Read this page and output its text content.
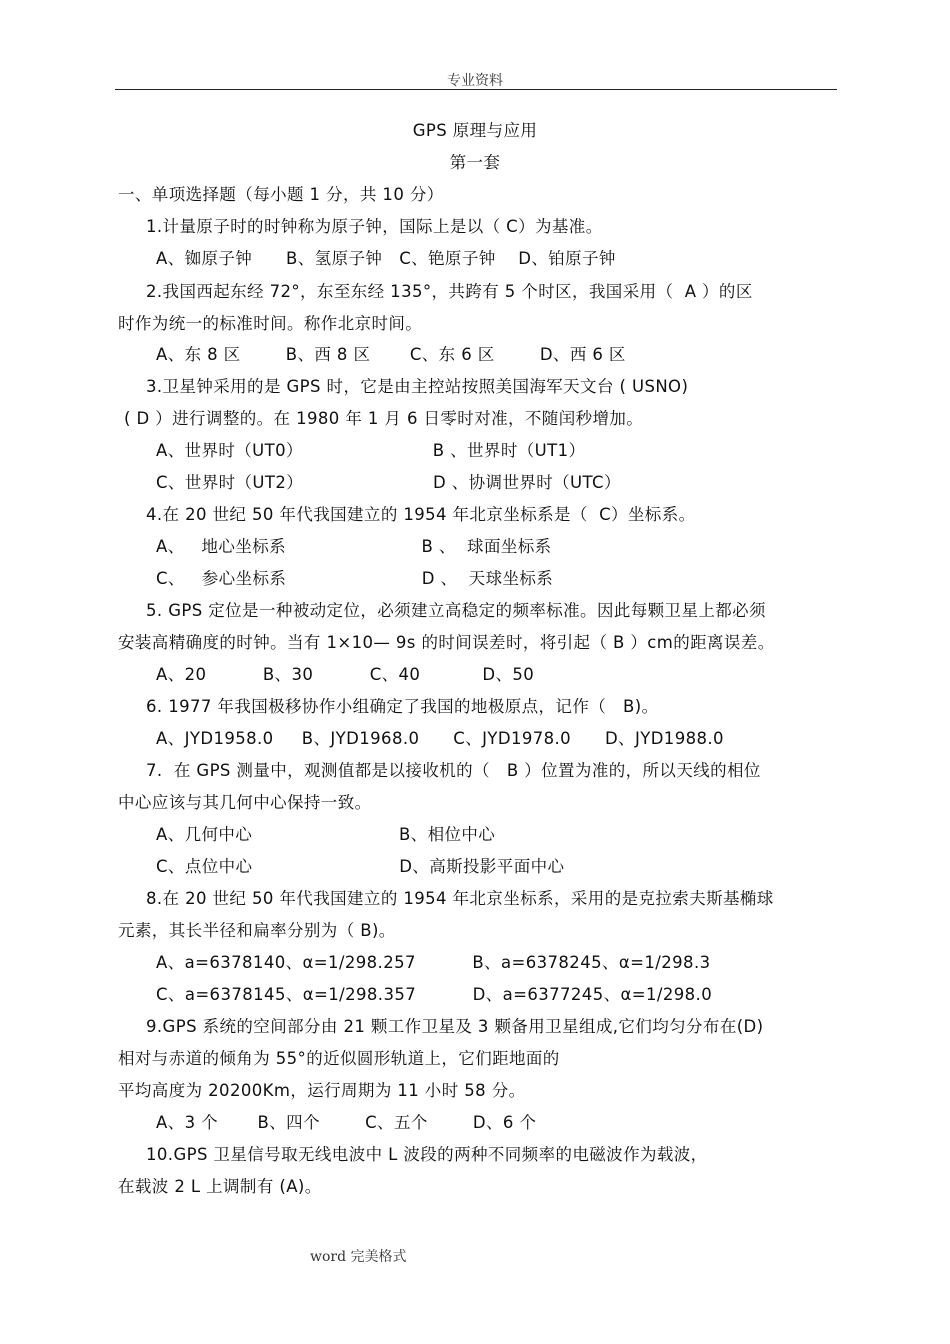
专业资料
GPS 原理与应用
第一套
一、单项选择题（每小题 1 分，共 10 分）
1.计量原子时的时钟称为原子钟，国际上是以（ C）为基准。
A、铷原子钟      B、氢原子钟   C、铯原子钟    D、铂原子钟
2.我国西起东经 72°，东至东经 135°，共跨有 5 个时区，我国采用（  A ）的区
时作为统一的标准时间。称作北京时间。
A、东 8 区        B、西 8 区       C、东 6 区        D、西 6 区
3.卫星钟采用的是 GPS 时，它是由主控站按照美国海军天文台 ( USNO)
( D ）进行调整的。在 1980 年 1 月 6 日零时对准，不随闰秒增加。
A、世界时（UT0）                       B 、世界时（UT1）
C、世界时（UT2）                       D 、协调世界时（UTC）
4.在 20 世纪 50 年代我国建立的 1954 年北京坐标系是（  C）坐标系。
A、   地心坐标系                        B 、  球面坐标系
C、   参心坐标系                        D 、  天球坐标系
5. GPS 定位是一种被动定位，必须建立高稳定的频率标准。因此每颗卫星上都必须
安装高精确度的时钟。当有 1×10— 9s 的时间误差时，将引起（ B ）cm的距离误差。
A、20          B、30          C、40           D、50
6. 1977 年我国极移协作小组确定了我国的地极原点，记作（   B)。
A、JYD1958.0     B、JYD1968.0      C、JYD1978.0      D、JYD1988.0
7.  在 GPS 测量中，观测值都是以接收机的（   B ）位置为准的，所以天线的相位
中心应该与其几何中心保持一致。
A、几何中心                          B、相位中心
C、点位中心                          D、高斯投影平面中心
8.在 20 世纪 50 年代我国建立的 1954 年北京坐标系，采用的是克拉索夫斯基椭球
元素，其长半径和扁率分别为（ B)。
A、a=6378140、α=1/298.257          B、a=6378245、α=1/298.3
C、a=6378145、α=1/298.357          D、a=6377245、α=1/298.0
9.GPS 系统的空间部分由 21 颗工作卫星及 3 颗备用卫星组成,它们均匀分布在(D)
相对与赤道的倾角为 55°的近似圆形轨道上，它们距地面的
平均高度为 20200Km，运行周期为 11 小时 58 分。
A、3 个       B、四个        C、五个        D、6 个
10.GPS 卫星信号取无线电波中 L 波段的两种不同频率的电磁波作为载波，
在载波 2 L 上调制有 (A)。
word 完美格式
